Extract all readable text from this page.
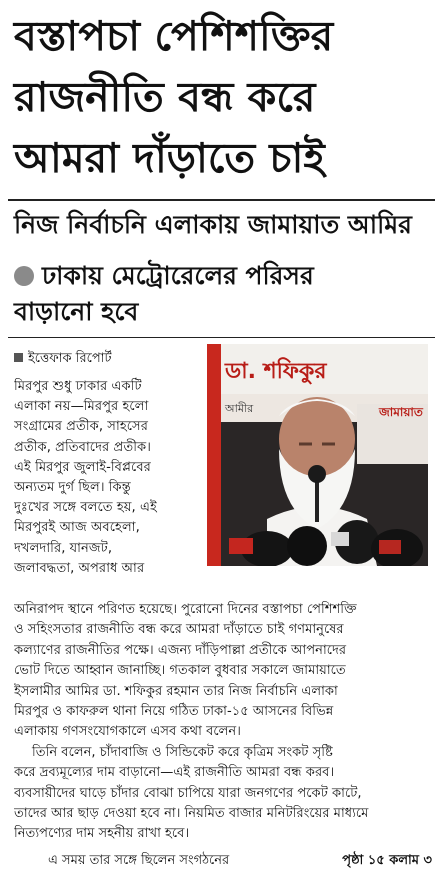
বস্তাপচা পেশিশক্তির
রাজনীতি বন্ধ করে
আমরা দাঁড়াতে চাই
নিজ নির্বাচনি এলাকায় জামায়াত আমির
ঢাকায় মেট্রোরেলের পরিসর
বাড়ানো হবে
ইত্তেফাক রিপোর্ট
ডা. শফিকুর
জামায়াত
আমীর
মিরপুর শুধু ঢাকার একটি
এলাকা নয়—মিরপুর হলো
সংগ্রামের প্রতীক, সাহসের
প্রতীক, প্রতিবাদের প্রতীক।
এই মিরপুর জুলাই-বিপ্লবের
অন্যতম দুর্গ ছিল। কিন্তু
দুঃখের সঙ্গে বলতে হয়, এই
মিরপুরই আজ অবহেলা,
দখলদারি, যানজট,
জলাবদ্ধতা, অপরাধ আর
অনিরাপদ স্থানে পরিণত হয়েছে। পুরোনো দিনের বস্তাপচা পেশিশক্তি
ও সহিংসতার রাজনীতি বন্ধ করে আমরা দাঁড়াতে চাই গণমানুষের
কল্যাণের রাজনীতির পক্ষে। এজন্য দাঁড়িপাল্লা প্রতীকে আপনাদের
ভোট দিতে আহ্বান জানাচ্ছি। গতকাল বুধবার সকালে জামায়াতে
ইসলামীর আমির ডা. শফিকুর রহমান তার নিজ নির্বাচনি এলাকা
মিরপুর ও কাফরুল থানা নিয়ে গঠিত ঢাকা-১৫ আসনের বিভিন্ন
এলাকায় গণসংযোগকালে এসব কথা বলেন।
তিনি বলেন, চাঁদাবাজি ও সিন্ডিকেট করে কৃত্রিম সংকট সৃষ্টি
করে দ্রব্যমূল্যের দাম বাড়ানো—এই রাজনীতি আমরা বন্ধ করব।
ব্যবসায়ীদের ঘাড়ে চাঁদার বোঝা চাপিয়ে যারা জনগণের পকেট কাটে,
তাদের আর ছাড় দেওয়া হবে না। নিয়মিত বাজার মনিটরিংয়ের মাধ্যমে
নিত্যপণ্যের দাম সহনীয় রাখা হবে।
এ সময় তার সঙ্গে ছিলেন সংগঠনের	পৃষ্ঠা ১৫ কলাম ৩
